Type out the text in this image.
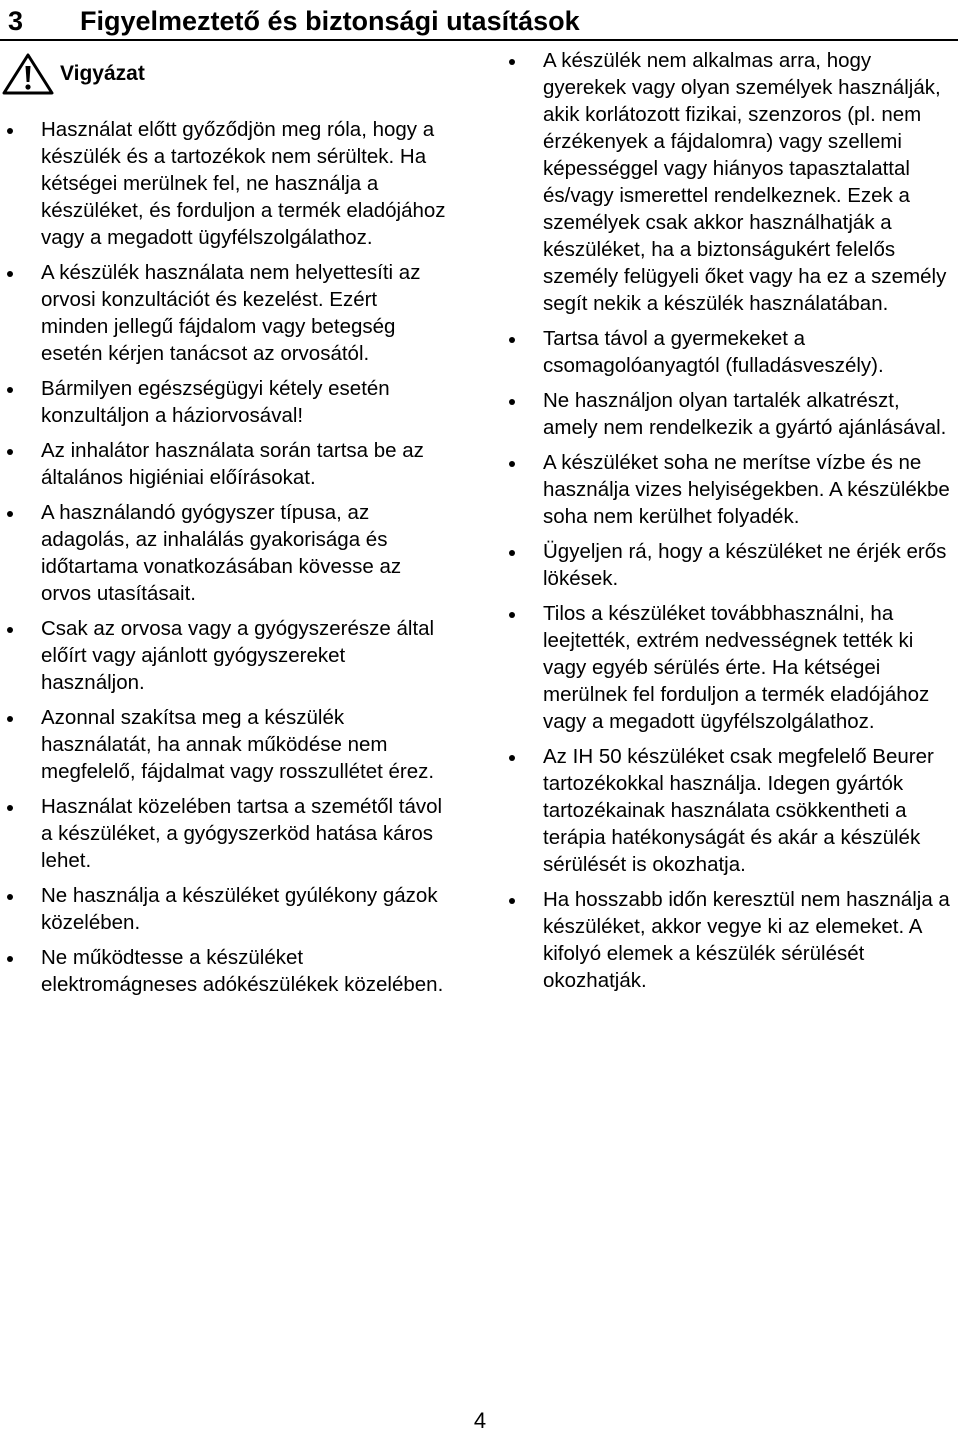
3 Figyelmeztető és biztonsági utasítások
Vigyázat
Használat előtt győződjön meg róla, hogy a készülék és a tartozékok nem sérültek. Ha kétségei merülnek fel, ne használja a készüléket, és forduljon a termék eladójához vagy a megadott ügyfélszolgálathoz.
A készülék használata nem helyettesíti az orvosi konzultációt és kezelést. Ezért minden jellegű fájdalom vagy betegség esetén kérjen tanácsot az orvosától.
Bármilyen egészségügyi kétely esetén konzultáljon a háziorvosával!
Az inhalátor használata során tartsa be az általános higiéniai előírásokat.
A használandó gyógyszer típusa, az adagolás, az inhalálás gyakorisága és időtartama vonatkozásában kövesse az orvos utasításait.
Csak az orvosa vagy a gyógyszerésze által előírt vagy ajánlott gyógyszereket használjon.
Azonnal szakítsa meg a készülék használatát, ha annak működése nem megfelelő, fájdalmat vagy rosszullétet érez.
Használat közelében tartsa a szemétől távol a készüléket, a gyógyszerköd hatása káros lehet.
Ne használja a készüléket gyúlékony gázok közelében.
Ne működtesse a készüléket elektromágneses adókészülékek közelében.
A készülék nem alkalmas arra, hogy gyerekek vagy olyan személyek használják, akik korlátozott fizikai, szenzoros (pl. nem érzékenyek a fájdalomra) vagy szellemi képességgel vagy hiányos tapasztalattal és/vagy ismerettel rendelkeznek. Ezek a személyek csak akkor használhatják a készüléket, ha a biztonságukért felelős személy felügyeli őket vagy ha ez a személy segít nekik a készülék használatában.
Tartsa távol a gyermekeket a csomagolóanyagtól (fulladásveszély).
Ne használjon olyan tartalék alkatrészt, amely nem rendelkezik a gyártó ajánlásával.
A készüléket soha ne merítse vízbe és ne használja vizes helyiségekben. A készülékbe soha nem kerülhet folyadék.
Ügyeljen rá, hogy a készüléket ne érjék erős lökések.
Tilos a készüléket továbbhasználni, ha leejtették, extrém nedvességnek tették ki vagy egyéb sérülés érte. Ha kétségei merülnek fel forduljon a termék eladójához vagy a megadott ügyfélszolgálathoz.
Az IH 50 készüléket csak megfelelő Beurer tartozékokkal használja. Idegen gyártók tartozékainak használata csökkentheti a terápia hatékonyságát és akár a készülék sérülését is okozhatja.
Ha hosszabb időn keresztül nem használja a készüléket, akkor vegye ki az elemeket. A kifolyó elemek a készülék sérülését okozhatják.
4
